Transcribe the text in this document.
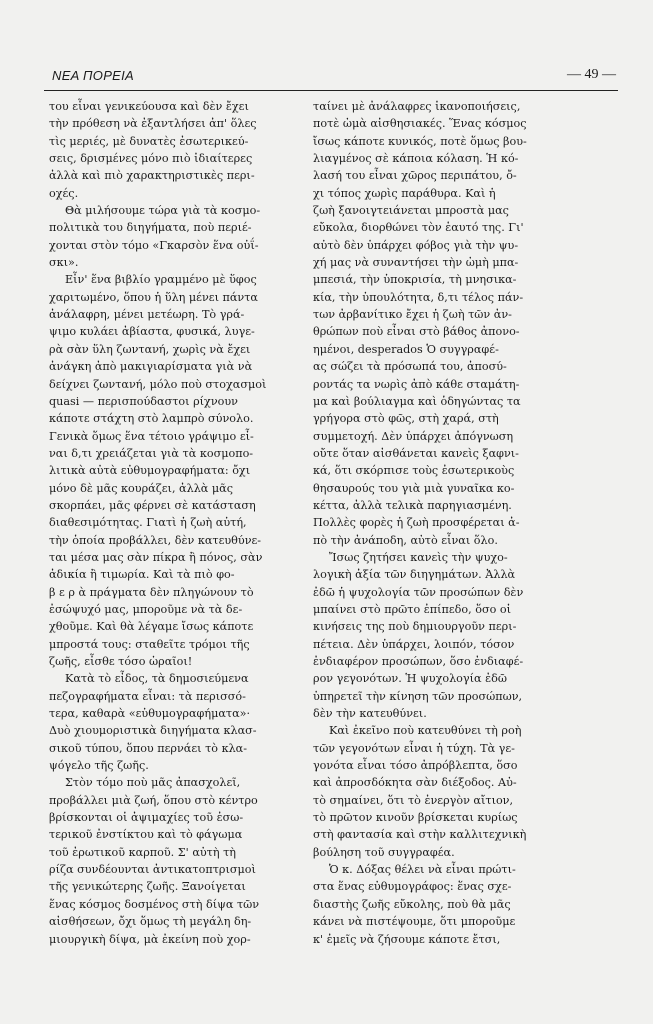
ΝΕΑ ΠΟΡΕΙΑ	— 49 —
του εἶναι γενικεύουσα καὶ δὲν ἔχει
τὴν πρόθεση νὰ ἐξαντλήσει ἀπ' ὅλες
τὶς μεριές, μὲ δυνατὲς ἐσωτερικεύ-
σεις, δρισμένες μόνο πιὸ ἰδιαίτερες
ἀλλὰ καὶ πιὸ χαρακτηριστικὲς περι-
οχές.
Θὰ μιλήσουμε τώρα γιὰ τὰ κοσμο-
πολιτικὰ του διηγήματα, ποὺ περιέ-
χονται στὸν τόμο «Γκαρσὸν ἕνα οὐΐ-
σκι».
Εἶν' ἕνα βιβλίο γραμμένο μὲ ὕφος
χαριτωμένο, ὅπου ἡ ὕλη μένει πάντα
ἀνάλαφρη, μένει μετέωρη. Τὸ γρά-
ψιμο κυλάει ἀβίαστα, φυσικά, λυγε-
ρὰ σὰν ὕλη ζωντανή, χωρὶς νὰ ἔχει
ἀνάγκη ἀπὸ μακιγιαρίσματα γιὰ νὰ
δείχνει ζωντανή, μόλο ποὺ στοχασμοὶ
quasi — περισπούδαστοι ρίχνουν
κάποτε στάχτη στὸ λαμπρὸ σύνολο.
Γενικὰ ὅμως ἕνα τέτοιο γράψιμο εἶ-
ναι δ,τι χρειάζεται γιὰ τὰ κοσμοπο-
λιτικὰ αὐτὰ εὐθυμογραφήματα: ὄχι
μόνο δὲ μᾶς κουράζει, ἀλλὰ μᾶς
σκορπάει, μᾶς φέρνει σὲ κατάσταση
διαθεσιμότητας. Γιατὶ ἡ ζωὴ αὐτή,
τὴν ὁποία προβάλλει, δὲν κατευθύνε-
ται μέσα μας σὰν πίκρα ἢ πόνος, σὰν
ἀδικία ἢ τιμωρία. Καὶ τὰ πιὸ φο-
β ε ρ ὰ πράγματα δὲν πληγώνουν τὸ
ἐσώψυχό μας, μποροῦμε νὰ τὰ δε-
χθοῦμε. Καὶ θὰ λέγαμε ἴσως κάποτε
μπροστά τους: σταθεῖτε τρόμοι τῆς
ζωῆς, εἶσθε τόσο ὡραῖοι!
Κατὰ τὸ εἶδος, τὰ δημοσιεύμενα
πεζογραφήματα εἶναι: τὰ περισσό-
τερα, καθαρὰ «εὐθυμογραφήματα»·
Δυὸ χιουμοριστικὰ διηγήματα κλασ-
σικοῦ τύπου, ὅπου περνάει τὸ κλα-
ψόγελο τῆς ζωῆς.
Στὸν τόμο ποὺ μᾶς ἀπασχολεῖ,
προβάλλει μιὰ ζωή, ὅπου στὸ κέντρο
βρίσκονται οἱ ἀψιμαχίες τοῦ ἐσω-
τερικοῦ ἐνστίκτου καὶ τὸ φάγωμα
τοῦ ἐρωτικοῦ καρποῦ. Σ' αὐτὴ τὴ
ρίζα συνδέουνται ἀντικατοπτρισμοὶ
τῆς γενικώτερης ζωῆς. Ξανοίγεται
ἕνας κόσμος δοσμένος στὴ δίψα τῶν
αἰσθήσεων, ὄχι ὅμως τὴ μεγάλη δη-
μιουργικὴ δίψα, μὰ ἐκείνη ποὺ χορ-
ταίνει μὲ ἀνάλαφρες ἱκανοποιήσεις,
ποτὲ ὠμὰ αἰσθησιακές. Ἕνας κόσμος
ἴσως κάποτε κυνικός, ποτὲ ὅμως βου-
λιαγμένος σὲ κάποια κόλαση. Ἡ κό-
λασή του εἶναι χῶρος περιπάτου, ὄ-
χι τόπος χωρὶς παράθυρα. Καὶ ἡ
ζωὴ ξανοιγτειάνεται μπροστὰ μας
εὔκολα, διορθώνει τὸν ἑαυτό της. Γι'
αὐτὸ δὲν ὑπάρχει φόβος γιὰ τὴν ψυ-
χή μας νὰ συναντήσει τὴν ὠμὴ μπα-
μπεσιά, τὴν ὑποκρισία, τὴ μνησικα-
κία, τὴν ὑπουλότητα, δ,τι τέλος πάν-
των ἀρβανίτικο ἔχει ἡ ζωὴ τῶν ἀν-
θρώπων ποὺ εἶναι στὸ βάθος ἀπονο-
ημένοι, desperados Ὁ συγγραφέ-
ας σώζει τὰ πρόσωπά του, ἀποσύ-
ροντάς τα νωρὶς ἀπὸ κάθε σταμάτη-
μα καὶ βούλιαγμα καὶ ὁδηγώντας τα
γρήγορα στὸ φῶς, στὴ χαρά, στὴ
συμμετοχή. Δὲν ὑπάρχει ἀπόγνωση
οὔτε ὅταν αἰσθάνεται κανεὶς ξαφνι-
κά, ὅτι σκόρπισε τοὺς ἐσωτερικοὺς
θησαυρούς του γιὰ μιὰ γυναῖκα κο-
κέττα, ἀλλὰ τελικὰ παρηγιασμένη.
Πολλὲς φορὲς ἡ ζωὴ προσφέρεται ἀ-
πὸ τὴν ἀνάποδη, αὐτὸ εἶναι ὅλο.
Ἴσως ζητήσει κανεὶς τὴν ψυχο-
λογικὴ ἀξία τῶν διηγημάτων. Ἀλλὰ
ἐδῶ ἡ ψυχολογία τῶν προσώπων δὲν
μπαίνει στὸ πρῶτο ἐπίπεδο, ὅσο οἱ
κινήσεις της ποὺ δημιουργοῦν περι-
πέτεια. Δὲν ὑπάρχει, λοιπόν, τόσον
ἐνδιαφέρον προσώπων, ὅσο ἐνδιαφέ-
ρον γεγονότων. Ἡ ψυχολογία ἐδῶ
ὑπηρετεῖ τὴν κίνηση τῶν προσώπων,
δὲν τὴν κατευθύνει.
Καὶ ἐκεῖνο ποὺ κατευθύνει τὴ ροὴ
τῶν γεγονότων εἶναι ἡ τύχη. Τὰ γε-
γονότα εἶναι τόσο ἀπρόβλεπτα, ὅσο
καὶ ἀπροσδόκητα σὰν διέξοδος. Αὐ-
τὸ σημαίνει, ὅτι τὸ ἐνεργὸν αἴτιον,
τὸ πρῶτον κινοῦν βρίσκεται κυρίως
στὴ φαντασία καὶ στὴν καλλιτεχνικὴ
βούληση τοῦ συγγραφέα.
Ὁ κ. Δόξας θέλει νὰ εἶναι πρώτι-
στα ἕνας εὐθυμογράφος: ἕνας σχε-
διαστὴς ζωῆς εὔκολης, ποὺ θὰ μᾶς
κάνει νὰ πιστέψουμε, ὅτι μποροῦμε
κ' ἐμεῖς νὰ ζήσουμε κάποτε ἔτσι,
